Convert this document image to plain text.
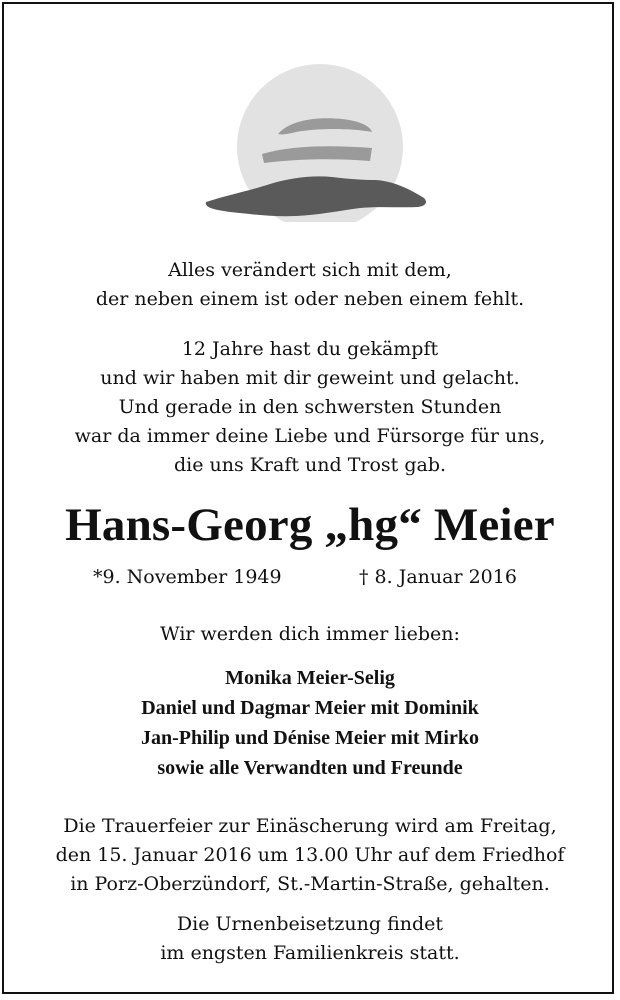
Alles verändert sich mit dem,
der neben einem ist oder neben einem fehlt.
12 Jahre hast du gekämpft
und wir haben mit dir geweint und gelacht.
Und gerade in den schwersten Stunden
war da immer deine Liebe und Fürsorge für uns,
die uns Kraft und Trost gab.
Hans-Georg „hg“ Meier
*9. November 1949	† 8. Januar 2016
Wir werden dich immer lieben:
Monika Meier-Selig
Daniel und Dagmar Meier mit Dominik
Jan-Philip und Dénise Meier mit Mirko
sowie alle Verwandten und Freunde
Die Trauerfeier zur Einäscherung wird am Freitag,
den 15. Januar 2016 um 13.00 Uhr auf dem Friedhof
in Porz-Oberzündorf, St.-Martin-Straße, gehalten.
Die Urnenbeisetzung findet
im engsten Familienkreis statt.
